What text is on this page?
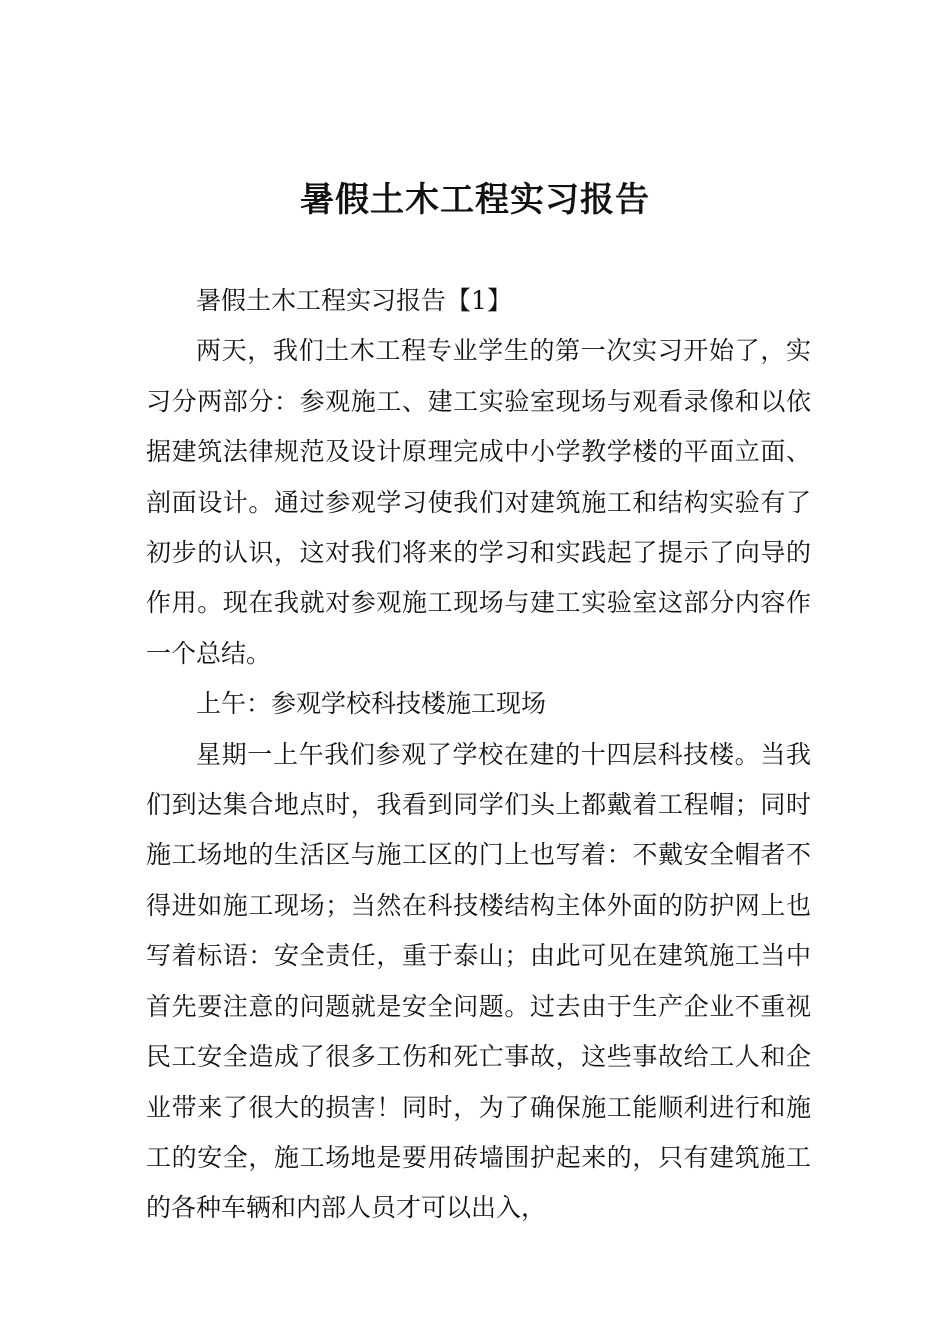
暑假土木工程实习报告

暑假土木工程实习报告【1】

两天，我们土木工程专业学生的第一次实习开始了，实习分两部分：参观施工、建工实验室现场与观看录像和以依据建筑法律规范及设计原理完成中小学教学楼的平面立面、剖面设计。通过参观学习使我们对建筑施工和结构实验有了初步的认识，这对我们将来的学习和实践起了提示了向导的作用。现在我就对参观施工现场与建工实验室这部分内容作一个总结。

上午：参观学校科技楼施工现场

星期一上午我们参观了学校在建的十四层科技楼。当我们到达集合地点时，我看到同学们头上都戴着工程帽；同时施工场地的生活区与施工区的门上也写着：不戴安全帽者不得进如施工现场；当然在科技楼结构主体外面的防护网上也写着标语：安全责任，重于泰山；由此可见在建筑施工当中首先要注意的问题就是安全问题。过去由于生产企业不重视民工安全造成了很多工伤和死亡事故，这些事故给工人和企业带来了很大的损害！同时，为了确保施工能顺利进行和施工的安全，施工场地是要用砖墙围护起来的，只有建筑施工的各种车辆和内部人员才可以出入，
